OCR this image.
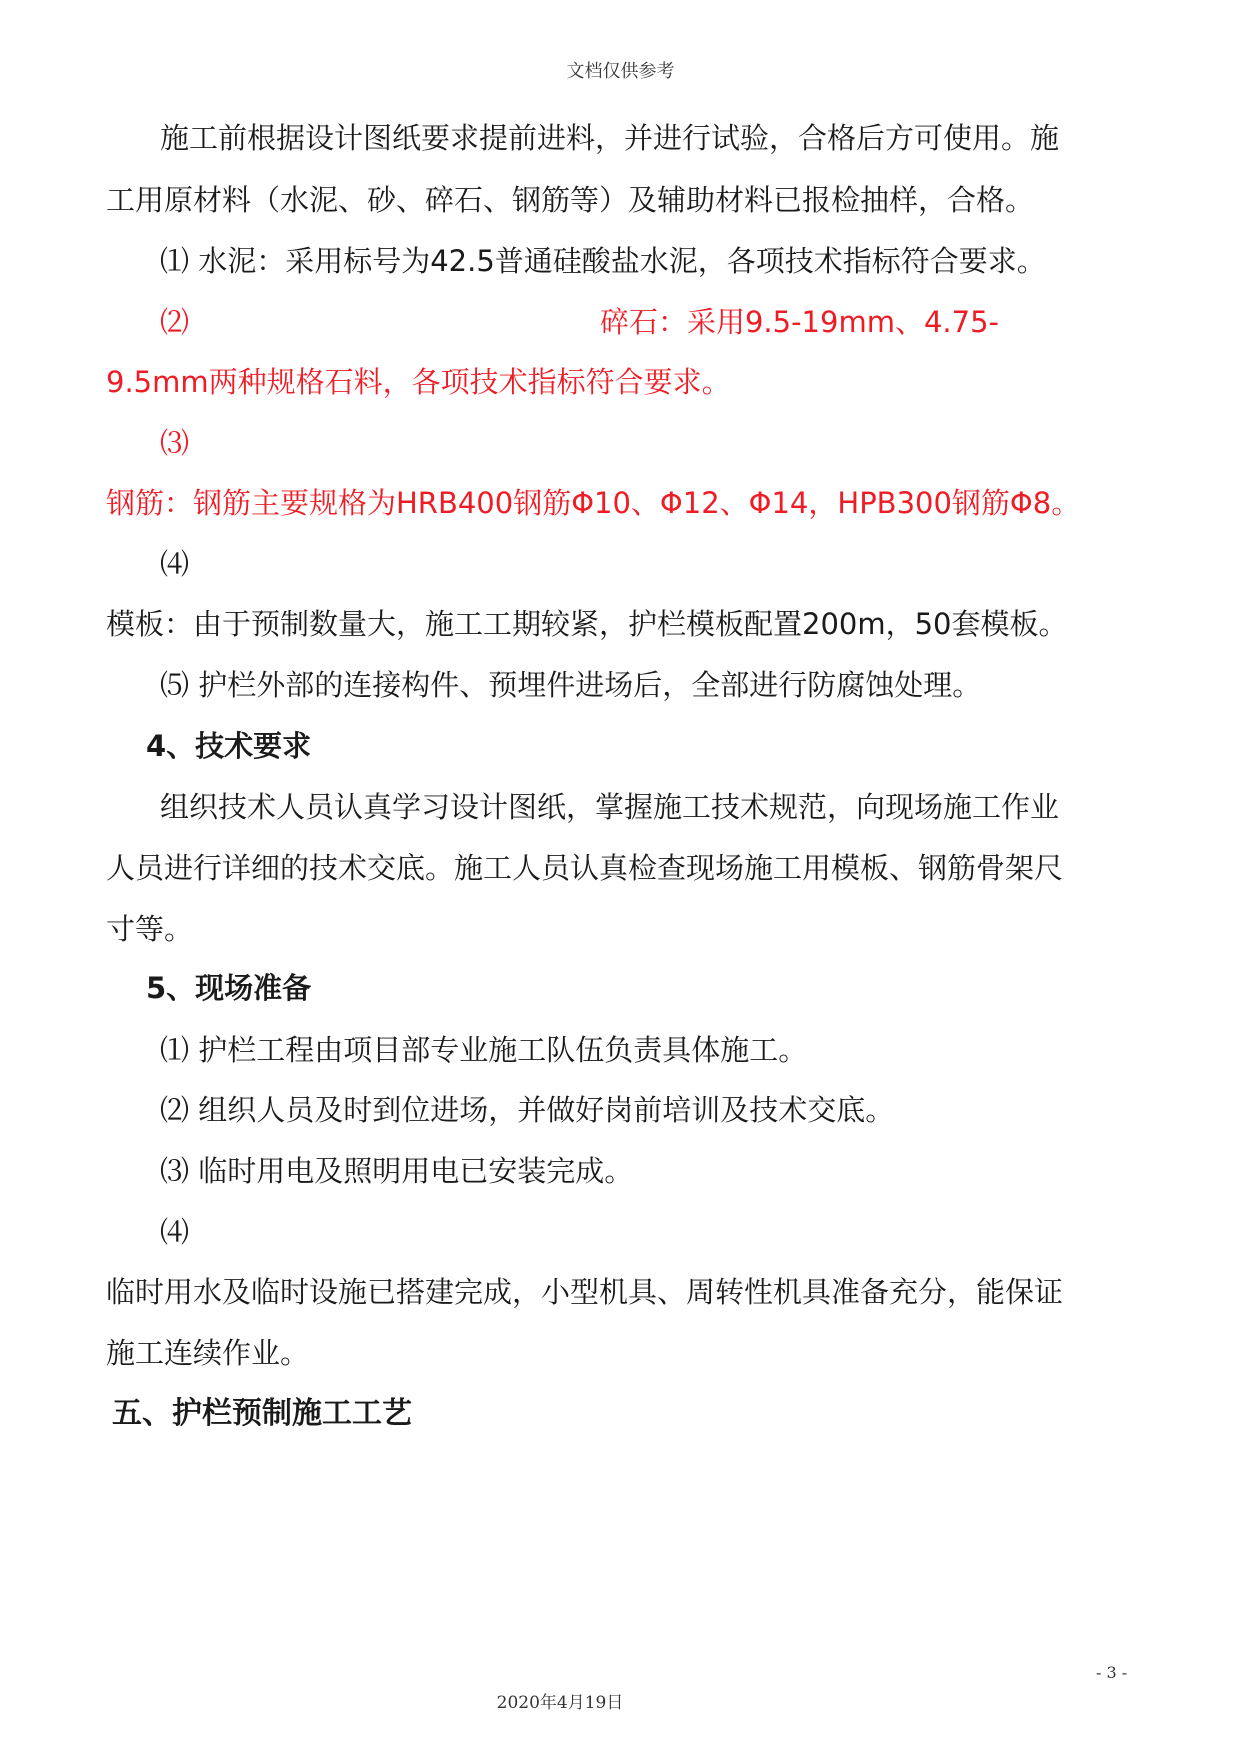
文档仅供参考
施工前根据设计图纸要求提前进料，并进行试验，合格后方可使用。施
工用原材料（水泥、砂、碎石、钢筋等）及辅助材料已报检抽样，合格。
⑴ 水泥：采用标号为42.5普通硅酸盐水泥，各项技术指标符合要求。
⑵	碎石：采用9.5-19mm、4.75-
9.5mm两种规格石料，各项技术指标符合要求。
⑶
钢筋：钢筋主要规格为HRB400钢筋Φ10、Φ12、Φ14，HPB300钢筋Φ8。
⑷
模板：由于预制数量大，施工工期较紧，护栏模板配置200m，50套模板。
⑸ 护栏外部的连接构件、预埋件进场后，全部进行防腐蚀处理。
4、技术要求
组织技术人员认真学习设计图纸，掌握施工技术规范，向现场施工作业
人员进行详细的技术交底。施工人员认真检查现场施工用模板、钢筋骨架尺
寸等。
5、现场准备
⑴ 护栏工程由项目部专业施工队伍负责具体施工。
⑵ 组织人员及时到位进场，并做好岗前培训及技术交底。
⑶ 临时用电及照明用电已安装完成。
⑷
临时用水及临时设施已搭建完成，小型机具、周转性机具准备充分，能保证
施工连续作业。
五、护栏预制施工工艺
- 3 -
2020年4月19日
